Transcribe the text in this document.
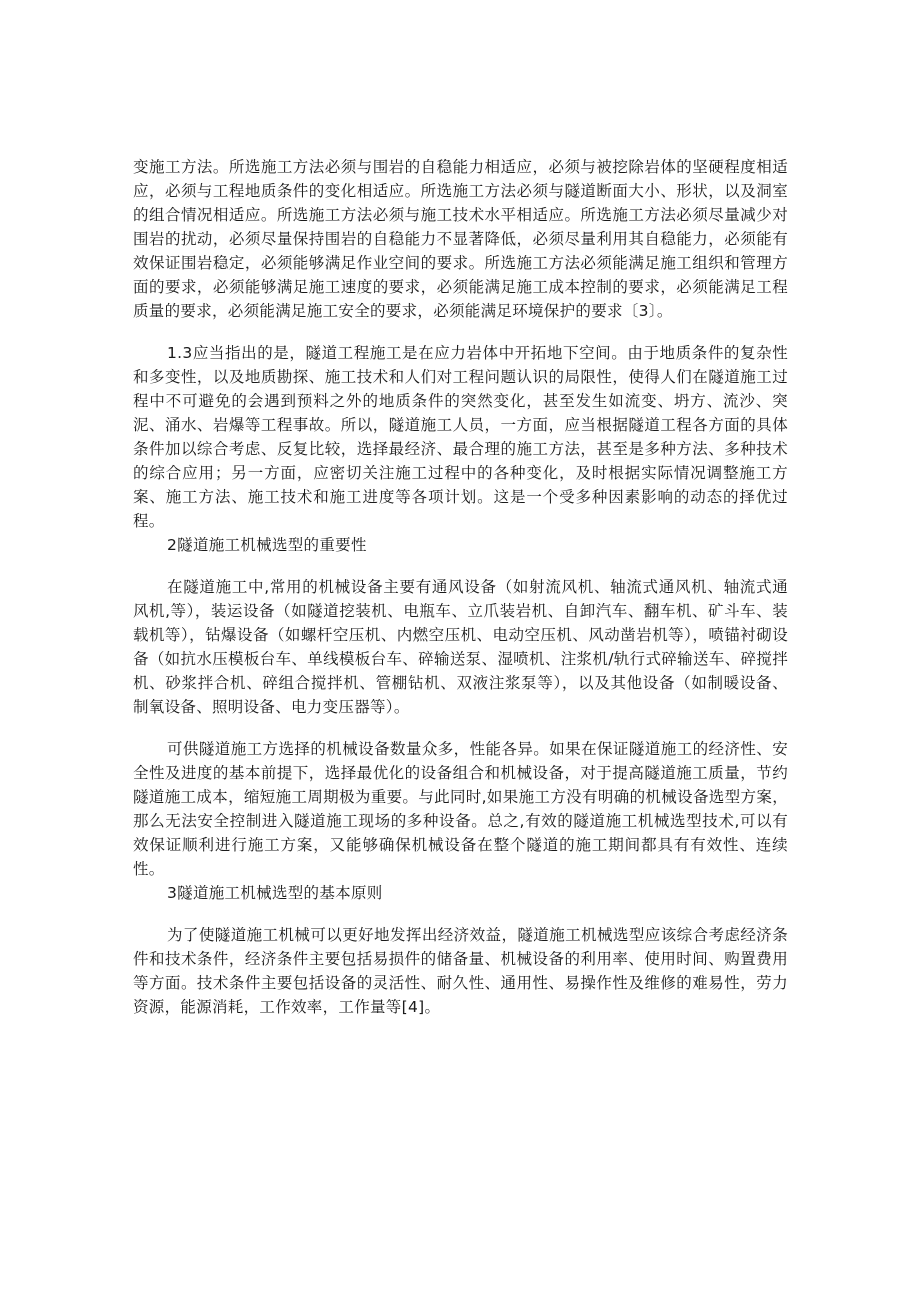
变施工方法。所选施工方法必须与围岩的自稳能力相适应，必须与被挖除岩体的坚硬程度相适应，必须与工程地质条件的变化相适应。所选施工方法必须与隧道断面大小、形状，以及洞室的组合情况相适应。所选施工方法必须与施工技术水平相适应。所选施工方法必须尽量减少对围岩的扰动，必须尽量保持围岩的自稳能力不显著降低，必须尽量利用其自稳能力，必须能有效保证围岩稳定，必须能够满足作业空间的要求。所选施工方法必须能满足施工组织和管理方面的要求，必须能够满足施工速度的要求，必须能满足施工成本控制的要求，必须能满足工程质量的要求，必须能满足施工安全的要求，必须能满足环境保护的要求〔3〕。

1.3应当指出的是，隧道工程施工是在应力岩体中开拓地下空间。由于地质条件的复杂性和多变性，以及地质勘探、施工技术和人们对工程问题认识的局限性，使得人们在隧道施工过程中不可避免的会遇到预料之外的地质条件的突然变化，甚至发生如流变、坍方、流沙、突泥、涌水、岩爆等工程事故。所以，隧道施工人员，一方面，应当根据隧道工程各方面的具体条件加以综合考虑、反复比较，选择最经济、最合理的施工方法，甚至是多种方法、多种技术的综合应用；另一方面，应密切关注施工过程中的各种变化，及时根据实际情况调整施工方案、施工方法、施工技术和施工进度等各项计划。这是一个受多种因素影响的动态的择优过程。

2隧道施工机械选型的重要性

在隧道施工中,常用的机械设备主要有通风设备（如射流风机、轴流式通风机、轴流式通风机,等），装运设备（如隧道挖装机、电瓶车、立爪装岩机、自卸汽车、翻车机、矿斗车、装载机等），钻爆设备（如螺杆空压机、内燃空压机、电动空压机、风动凿岩机等），喷锚衬砌设备（如抗水压模板台车、单线模板台车、碎输送泵、湿喷机、注浆机/轨行式碎输送车、碎搅拌机、砂浆拌合机、碎组合搅拌机、管棚钻机、双液注浆泵等），以及其他设备（如制暖设备、制氧设备、照明设备、电力变压器等）。

可供隧道施工方选择的机械设备数量众多，性能各异。如果在保证隧道施工的经济性、安全性及进度的基本前提下，选择最优化的设备组合和机械设备，对于提高隧道施工质量，节约隧道施工成本，缩短施工周期极为重要。与此同时,如果施工方没有明确的机械设备选型方案，那么无法安全控制进入隧道施工现场的多种设备。总之,有效的隧道施工机械选型技术,可以有效保证顺利进行施工方案，又能够确保机械设备在整个隧道的施工期间都具有有效性、连续性。

3隧道施工机械选型的基本原则

为了使隧道施工机械可以更好地发挥出经济效益，隧道施工机械选型应该综合考虑经济条件和技术条件，经济条件主要包括易损件的储备量、机械设备的利用率、使用时间、购置费用等方面。技术条件主要包括设备的灵活性、耐久性、通用性、易操作性及维修的难易性，劳力资源，能源消耗，工作效率，工作量等[4]。
